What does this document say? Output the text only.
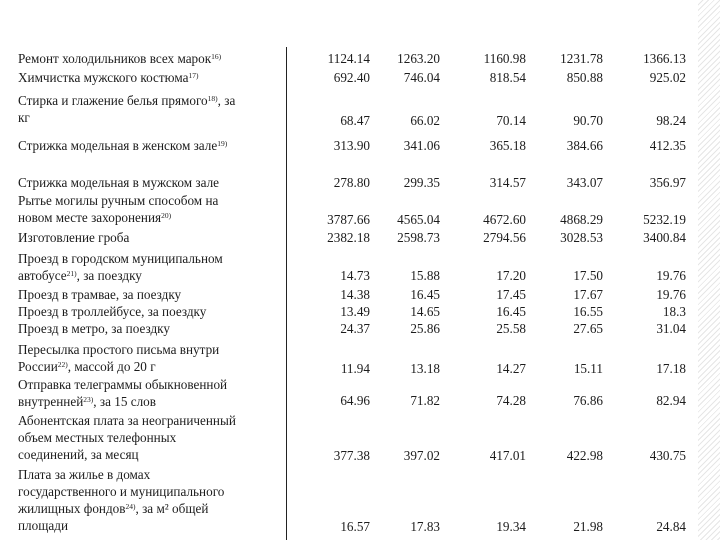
Ремонт холодильников всех марок$^{16)}$	1124.14	1263.20	1160.98	1231.78	1366.13
Химчистка мужского костюма$^{17)}$	692.40	746.04	818.54	850.88	925.02
Стирка и глажение белья прямого$^{18)}$, за
кг	68.47	66.02	70.14	90.70	98.24
Стрижка модельная в женском зале$^{19)}$	313.90	341.06	365.18	384.66	412.35
Стрижка модельная в мужском зале	278.80	299.35	314.57	343.07	356.97
Рытье могилы ручным способом на
новом месте захоронения$^{20)}$	3787.66	4565.04	4672.60	4868.29	5232.19
Изготовление гроба	2382.18	2598.73	2794.56	3028.53	3400.84
Проезд в городском муниципальном
автобусе$^{21)}$, за поездку	14.73	15.88	17.20	17.50	19.76
Проезд в трамвае, за поездку	14.38	16.45	17.45	17.67	19.76
Проезд в троллейбусе, за поездку	13.49	14.65	16.45	16.55	18.3
Проезд в метро, за поездку	24.37	25.86	25.58	27.65	31.04
Пересылка простого письма внутри
России$^{22)}$, массой до 20 г	11.94	13.18	14.27	15.11	17.18
Отправка телеграммы обыкновенной
внутренней$^{23)}$, за 15 слов	64.96	71.82	74.28	76.86	82.94
Абонентская плата за неограниченный
объем местных телефонных
соединений, за месяц	377.38	397.02	417.01	422.98	430.75
Плата за жилье в домах
государственного и муниципального
жилищных фондов$^{24)}$, за м² общей
площади	16.57	17.83	19.34	21.98	24.84
